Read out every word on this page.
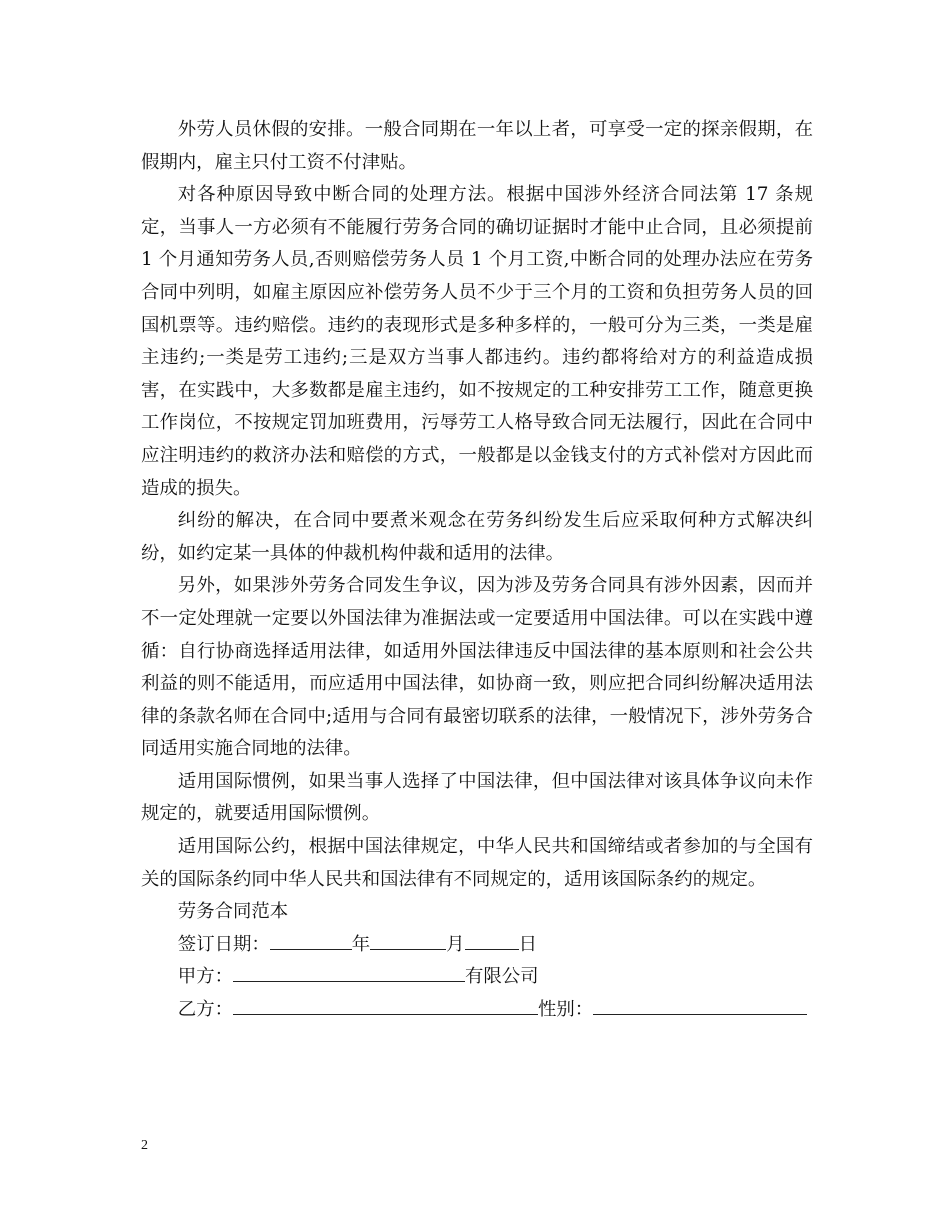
外劳人员休假的安排。一般合同期在一年以上者，可享受一定的探亲假期，在假期内，雇主只付工资不付津贴。

对各种原因导致中断合同的处理方法。根据中国涉外经济合同法第 17 条规定，当事人一方必须有不能履行劳务合同的确切证据时才能中止合同，且必须提前 1 个月通知劳务人员,否则赔偿劳务人员 1 个月工资,中断合同的处理办法应在劳务合同中列明，如雇主原因应补偿劳务人员不少于三个月的工资和负担劳务人员的回国机票等。违约赔偿。违约的表现形式是多种多样的，一般可分为三类，一类是雇主违约;一类是劳工违约;三是双方当事人都违约。违约都将给对方的利益造成损害，在实践中，大多数都是雇主违约，如不按规定的工种安排劳工工作，随意更换工作岗位，不按规定罚加班费用，污辱劳工人格导致合同无法履行，因此在合同中应注明违约的救济办法和赔偿的方式，一般都是以金钱支付的方式补偿对方因此而造成的损失。

纠纷的解决，在合同中要煮米观念在劳务纠纷发生后应采取何种方式解决纠纷，如约定某一具体的仲裁机构仲裁和适用的法律。

另外，如果涉外劳务合同发生争议，因为涉及劳务合同具有涉外因素，因而并不一定处理就一定要以外国法律为准据法或一定要适用中国法律。可以在实践中遵循：自行协商选择适用法律，如适用外国法律违反中国法律的基本原则和社会公共利益的则不能适用，而应适用中国法律，如协商一致，则应把合同纠纷解决适用法律的条款名师在合同中;适用与合同有最密切联系的法律，一般情况下，涉外劳务合同适用实施合同地的法律。

适用国际惯例，如果当事人选择了中国法律，但中国法律对该具体争议向未作规定的，就要适用国际惯例。

适用国际公约，根据中国法律规定，中华人民共和国缔结或者参加的与全国有关的国际条约同中华人民共和国法律有不同规定的，适用该国际条约的规定。

劳务合同范本

签订日期：	年	月	日

甲方：	有限公司

乙方：	性别：

2
